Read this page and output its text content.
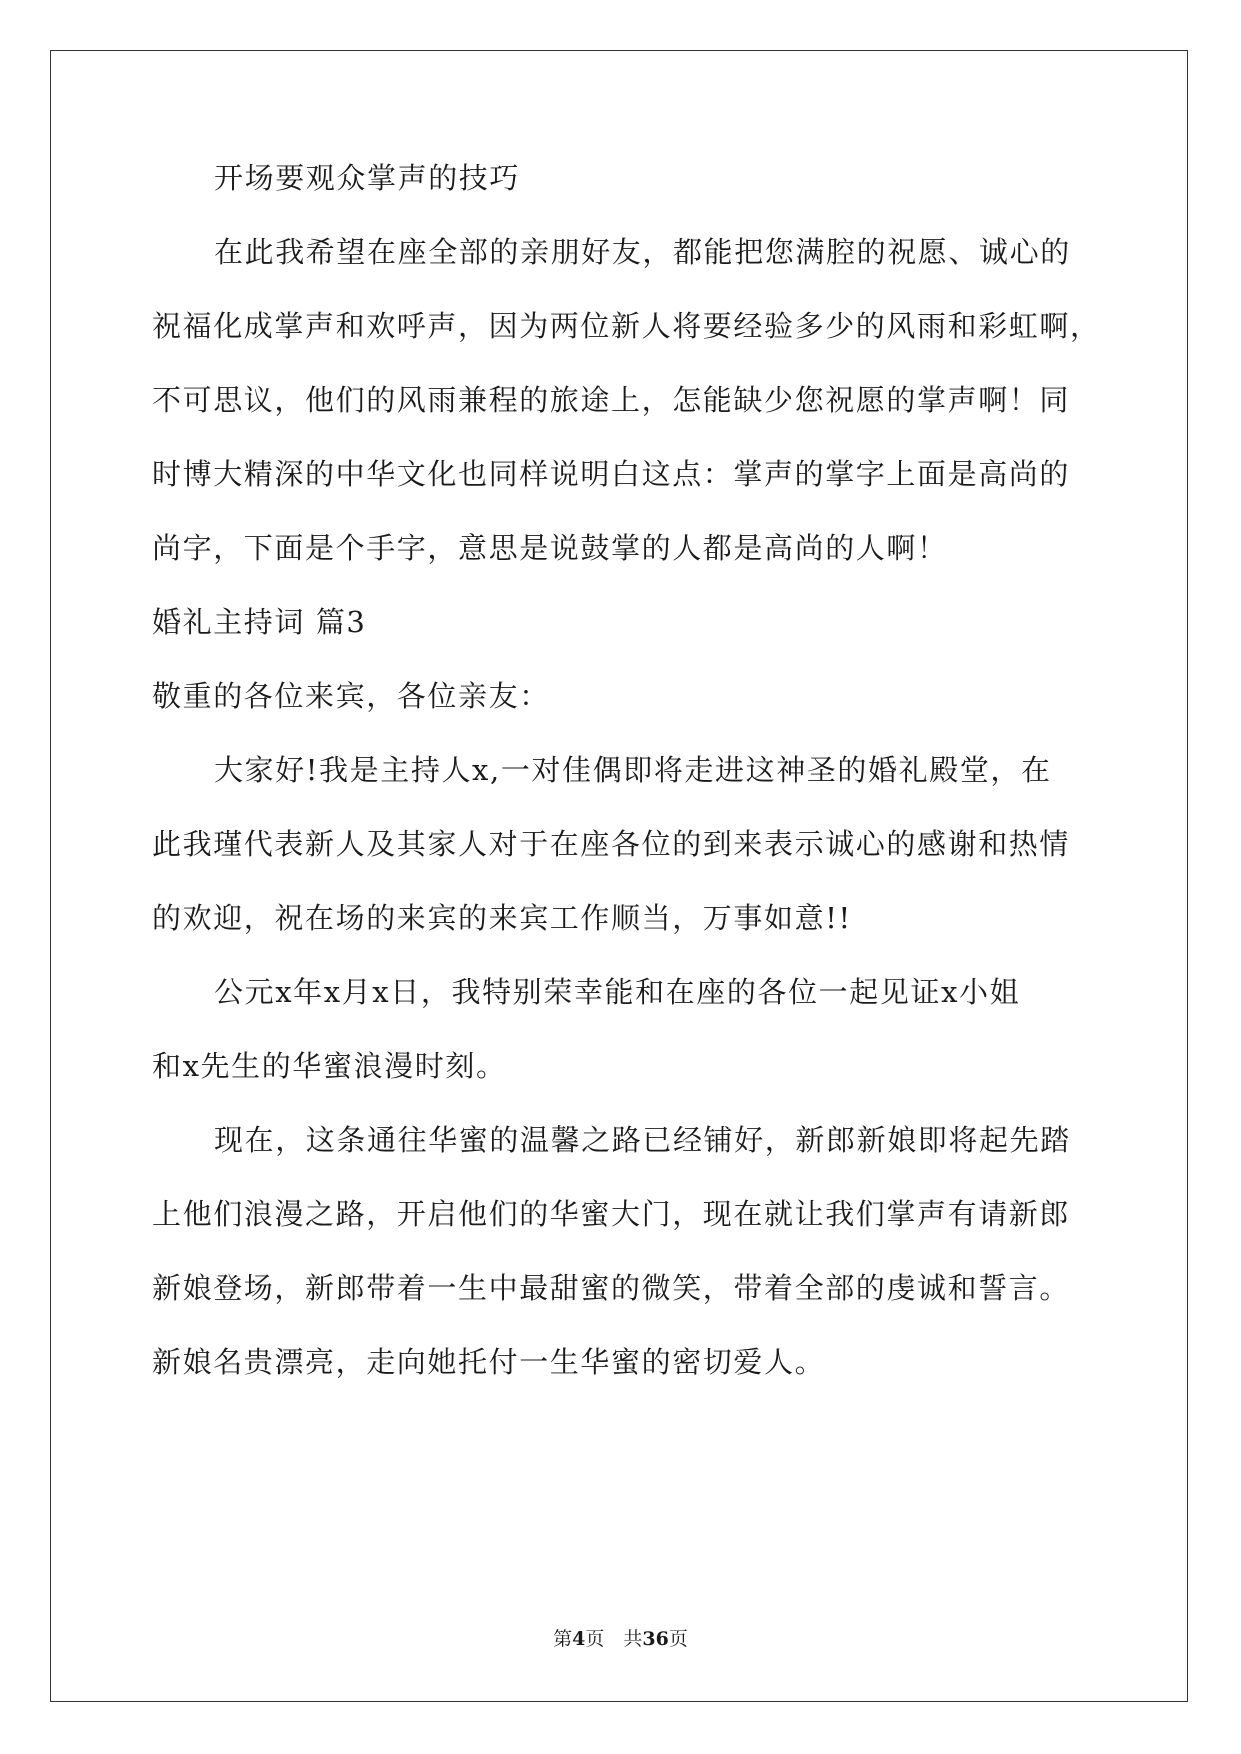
开场要观众掌声的技巧
在此我希望在座全部的亲朋好友，都能把您满腔的祝愿、诚心的
祝福化成掌声和欢呼声，因为两位新人将要经验多少的风雨和彩虹啊，
不可思议，他们的风雨兼程的旅途上，怎能缺少您祝愿的掌声啊！同
时博大精深的中华文化也同样说明白这点：掌声的掌字上面是高尚的
尚字，下面是个手字，意思是说鼓掌的人都是高尚的人啊！
婚礼主持词 篇3
敬重的各位来宾，各位亲友：
大家好!我是主持人x,一对佳偶即将走进这神圣的婚礼殿堂，在
此我瑾代表新人及其家人对于在座各位的到来表示诚心的感谢和热情
的欢迎，祝在场的来宾的来宾工作顺当，万事如意!!
公元x年x月x日，我特别荣幸能和在座的各位一起见证x小姐
和x先生的华蜜浪漫时刻。
现在，这条通往华蜜的温馨之路已经铺好，新郎新娘即将起先踏
上他们浪漫之路，开启他们的华蜜大门，现在就让我们掌声有请新郎
新娘登场，新郎带着一生中最甜蜜的微笑，带着全部的虔诚和誓言。
新娘名贵漂亮，走向她托付一生华蜜的密切爱人。
第4页　共36页
